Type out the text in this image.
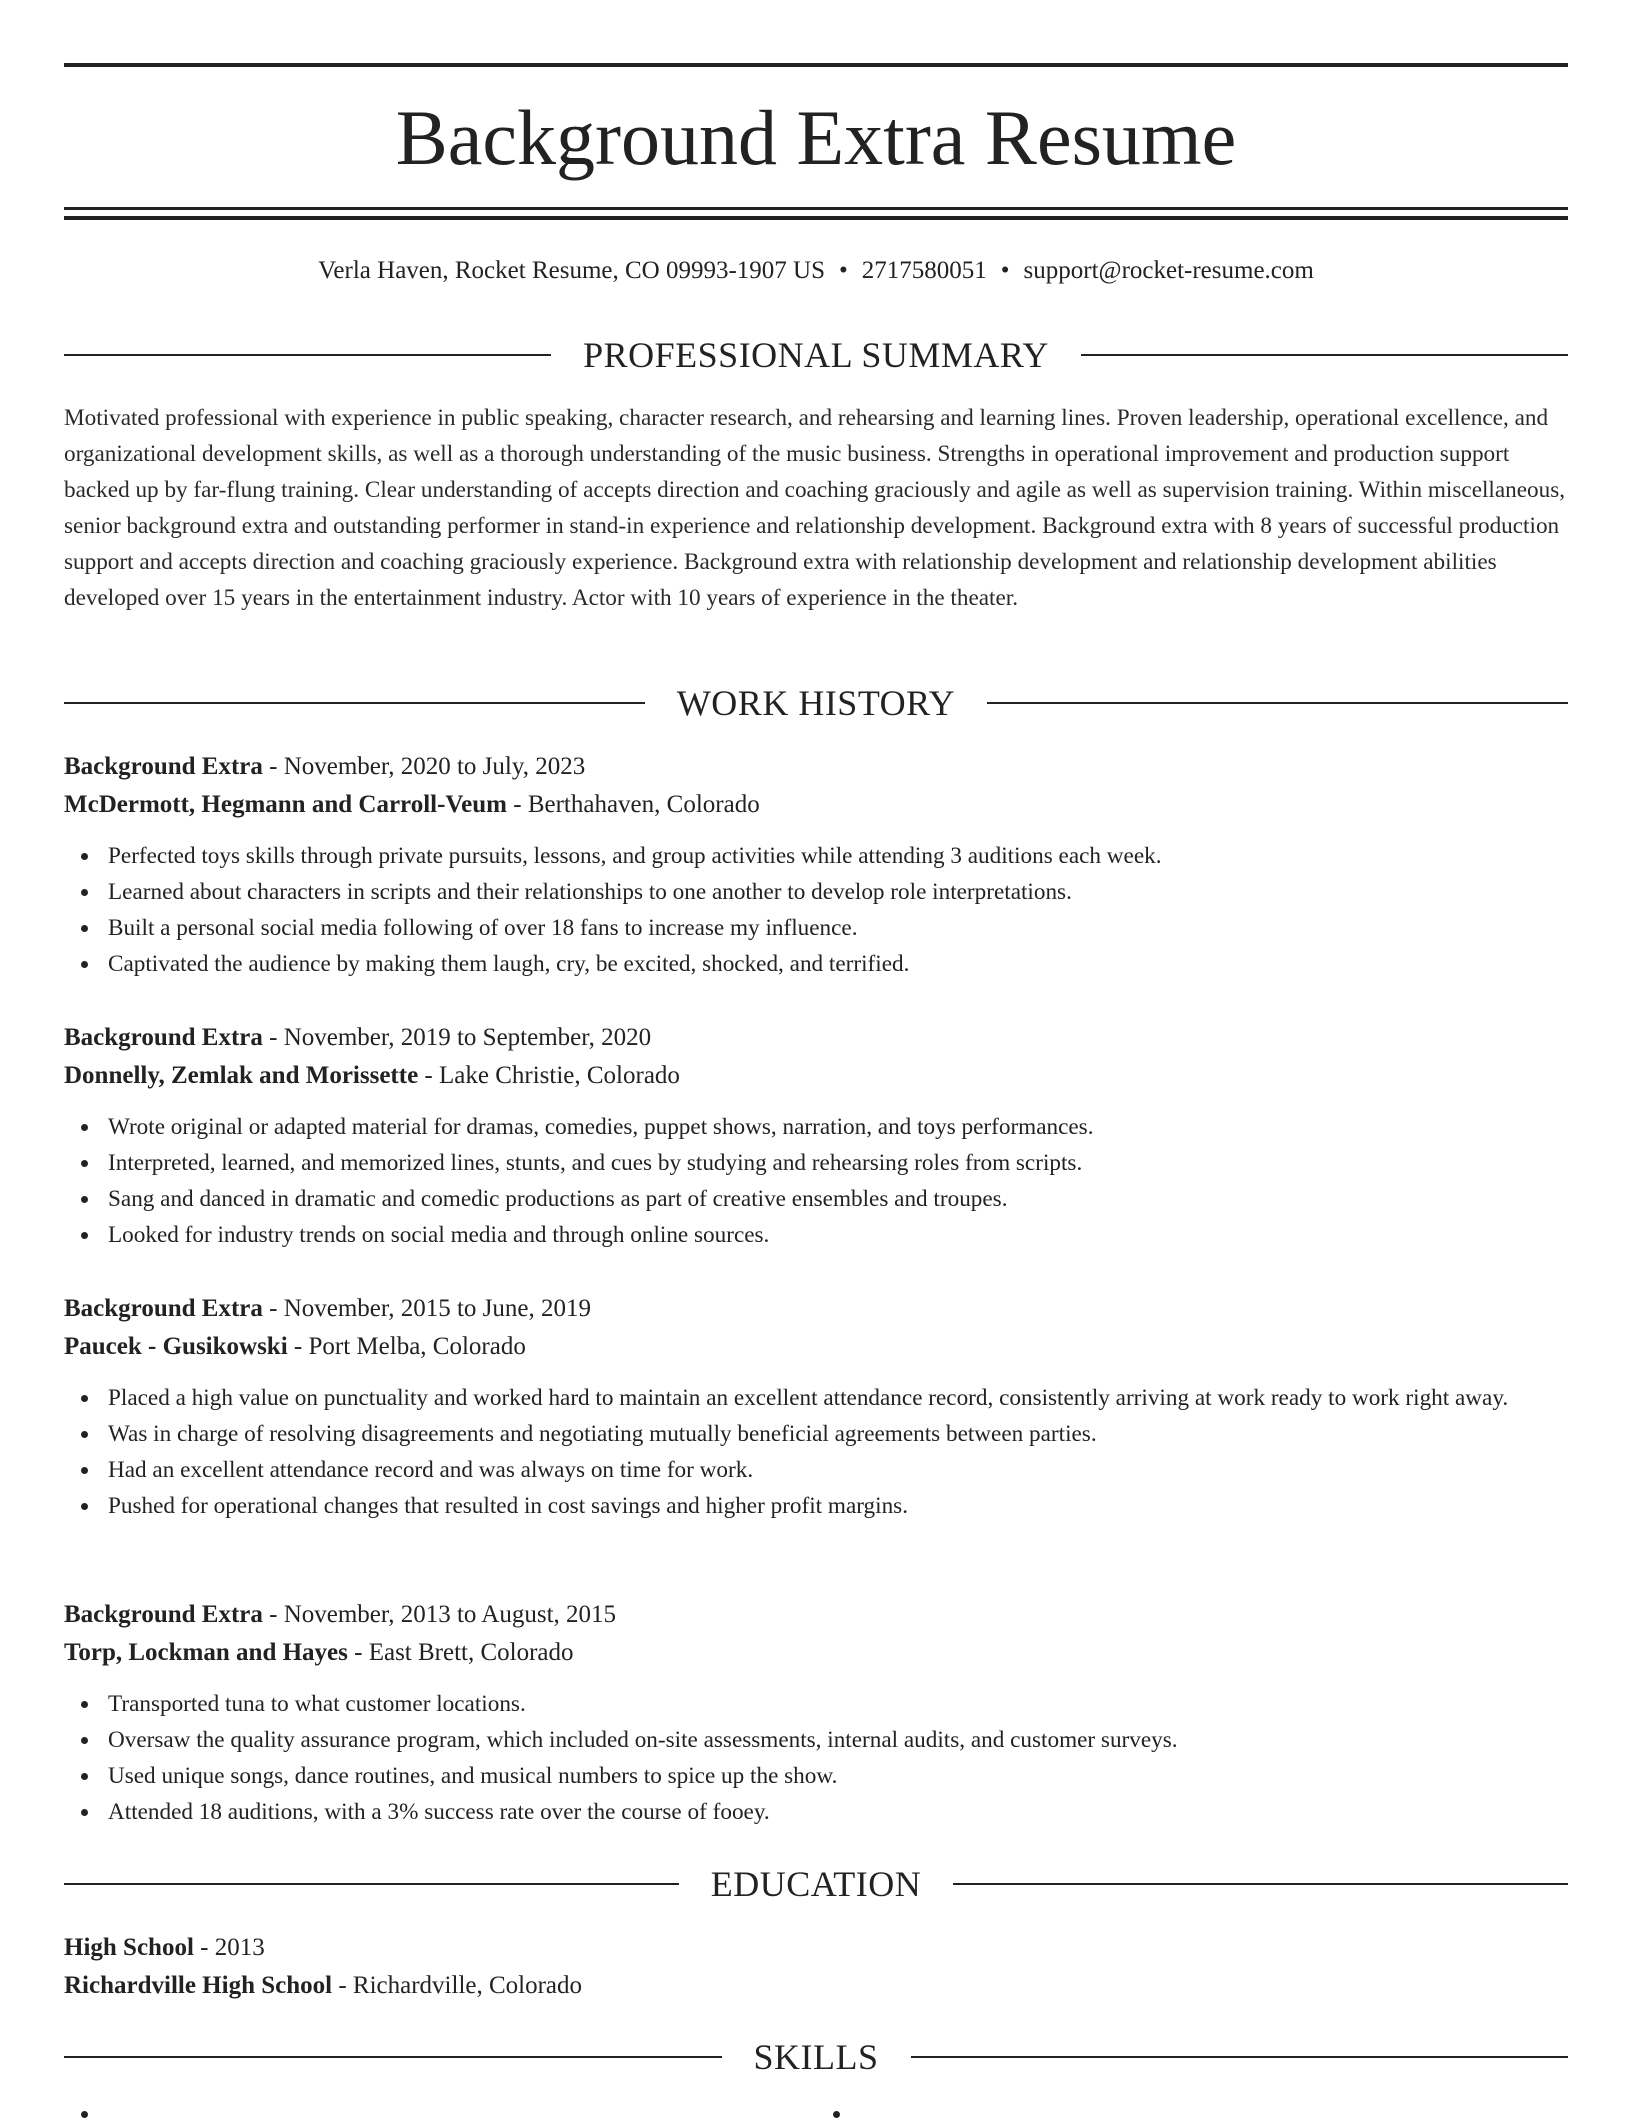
Background Extra Resume
Verla Haven, Rocket Resume, CO 09993-1907 US • 2717580051 • support@rocket-resume.com
PROFESSIONAL SUMMARY

Motivated professional with experience in public speaking, character research, and rehearsing and learning lines. Proven leadership, operational excellence, and organizational development skills, as well as a thorough understanding of the music business. Strengths in operational improvement and production support backed up by far-flung training. Clear understanding of accepts direction and coaching graciously and agile as well as supervision training. Within miscellaneous, senior background extra and outstanding performer in stand-in experience and relationship development. Background extra with 8 years of successful production support and accepts direction and coaching graciously experience. Background extra with relationship development and relationship development abilities developed over 15 years in the entertainment industry. Actor with 10 years of experience in the theater.

WORK HISTORY
Background Extra - November, 2020 to July, 2023
McDermott, Hegmann and Carroll-Veum - Berthahaven, Colorado
Perfected toys skills through private pursuits, lessons, and group activities while attending 3 auditions each week.
Learned about characters in scripts and their relationships to one another to develop role interpretations.
Built a personal social media following of over 18 fans to increase my influence.
Captivated the audience by making them laugh, cry, be excited, shocked, and terrified.
Background Extra - November, 2019 to September, 2020
Donnelly, Zemlak and Morissette - Lake Christie, Colorado
Wrote original or adapted material for dramas, comedies, puppet shows, narration, and toys performances.
Interpreted, learned, and memorized lines, stunts, and cues by studying and rehearsing roles from scripts.
Sang and danced in dramatic and comedic productions as part of creative ensembles and troupes.
Looked for industry trends on social media and through online sources.
Background Extra - November, 2015 to June, 2019
Paucek - Gusikowski - Port Melba, Colorado
Placed a high value on punctuality and worked hard to maintain an excellent attendance record, consistently arriving at work ready to work right away.
Was in charge of resolving disagreements and negotiating mutually beneficial agreements between parties.
Had an excellent attendance record and was always on time for work.
Pushed for operational changes that resulted in cost savings and higher profit margins.
Background Extra - November, 2013 to August, 2015
Torp, Lockman and Hayes - East Brett, Colorado
Transported tuna to what customer locations.
Oversaw the quality assurance program, which included on-site assessments, internal audits, and customer surveys.
Used unique songs, dance routines, and musical numbers to spice up the show.
Attended 18 auditions, with a 3% success rate over the course of fooey.
EDUCATION
High School - 2013
Richardville High School - Richardville, Colorado
SKILLS
